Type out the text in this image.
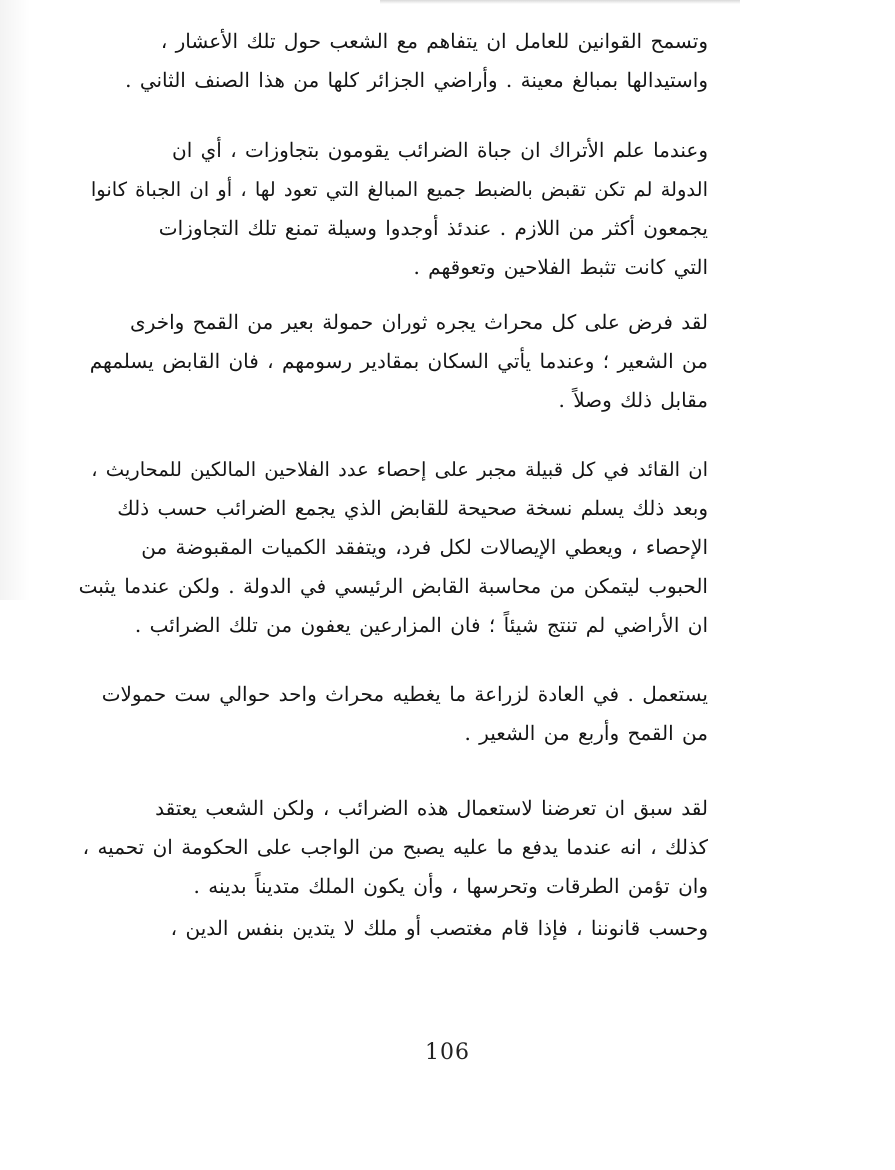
وتسمح القوانين للعامل ان يتفاهم مع الشعب حول تلك الأعشار ،
واستيدالها بمبالغ معينة . وأراضي الجزائر كلها من هذا الصنف الثاني .
وعندما علم الأتراك ان جباة الضرائب يقومون بتجاوزات ، أي ان
الدولة لم تكن تقبض بالضبط جميع المبالغ التي تعود لها ، أو ان الجباة كانوا
يجمعون أكثر من اللازم . عندئذ أوجدوا وسيلة تمنع تلك التجاوزات
التي كانت تثبط الفلاحين وتعوقهم .
لقد فرض على كل محراث يجره ثوران حمولة بعير من القمح واخرى
من الشعير ؛ وعندما يأتي السكان بمقادير رسومهم ، فان القابض يسلمهم
مقابل ذلك وصلاً .
ان القائد في كل قبيلة مجبر على إحصاء عدد الفلاحين المالكين للمحاريث ،
وبعد ذلك يسلم نسخة صحيحة للقابض الذي يجمع الضرائب حسب ذلك
الإحصاء ، ويعطي الإيصالات لكل فرد، ويتفقد الكميات المقبوضة من
الحبوب ليتمكن من محاسبة القابض الرئيسي في الدولة . ولكن عندما يثبت
ان الأراضي لم تنتج شيئاً ؛ فان المزارعين يعفون من تلك الضرائب .
يستعمل . في العادة لزراعة ما يغطيه محراث واحد حوالي ست حمولات
من القمح وأربع من الشعير .
لقد سبق ان تعرضنا لاستعمال هذه الضرائب ، ولكن الشعب يعتقد
كذلك ، انه عندما يدفع ما عليه يصبح من الواجب على الحكومة ان تحميه ،
وان تؤمن الطرقات وتحرسها ، وأن يكون الملك متديناً بدينه .
وحسب قانوننا ، فإذا قام مغتصب أو ملك لا يتدين بنفس الدين ،
106
